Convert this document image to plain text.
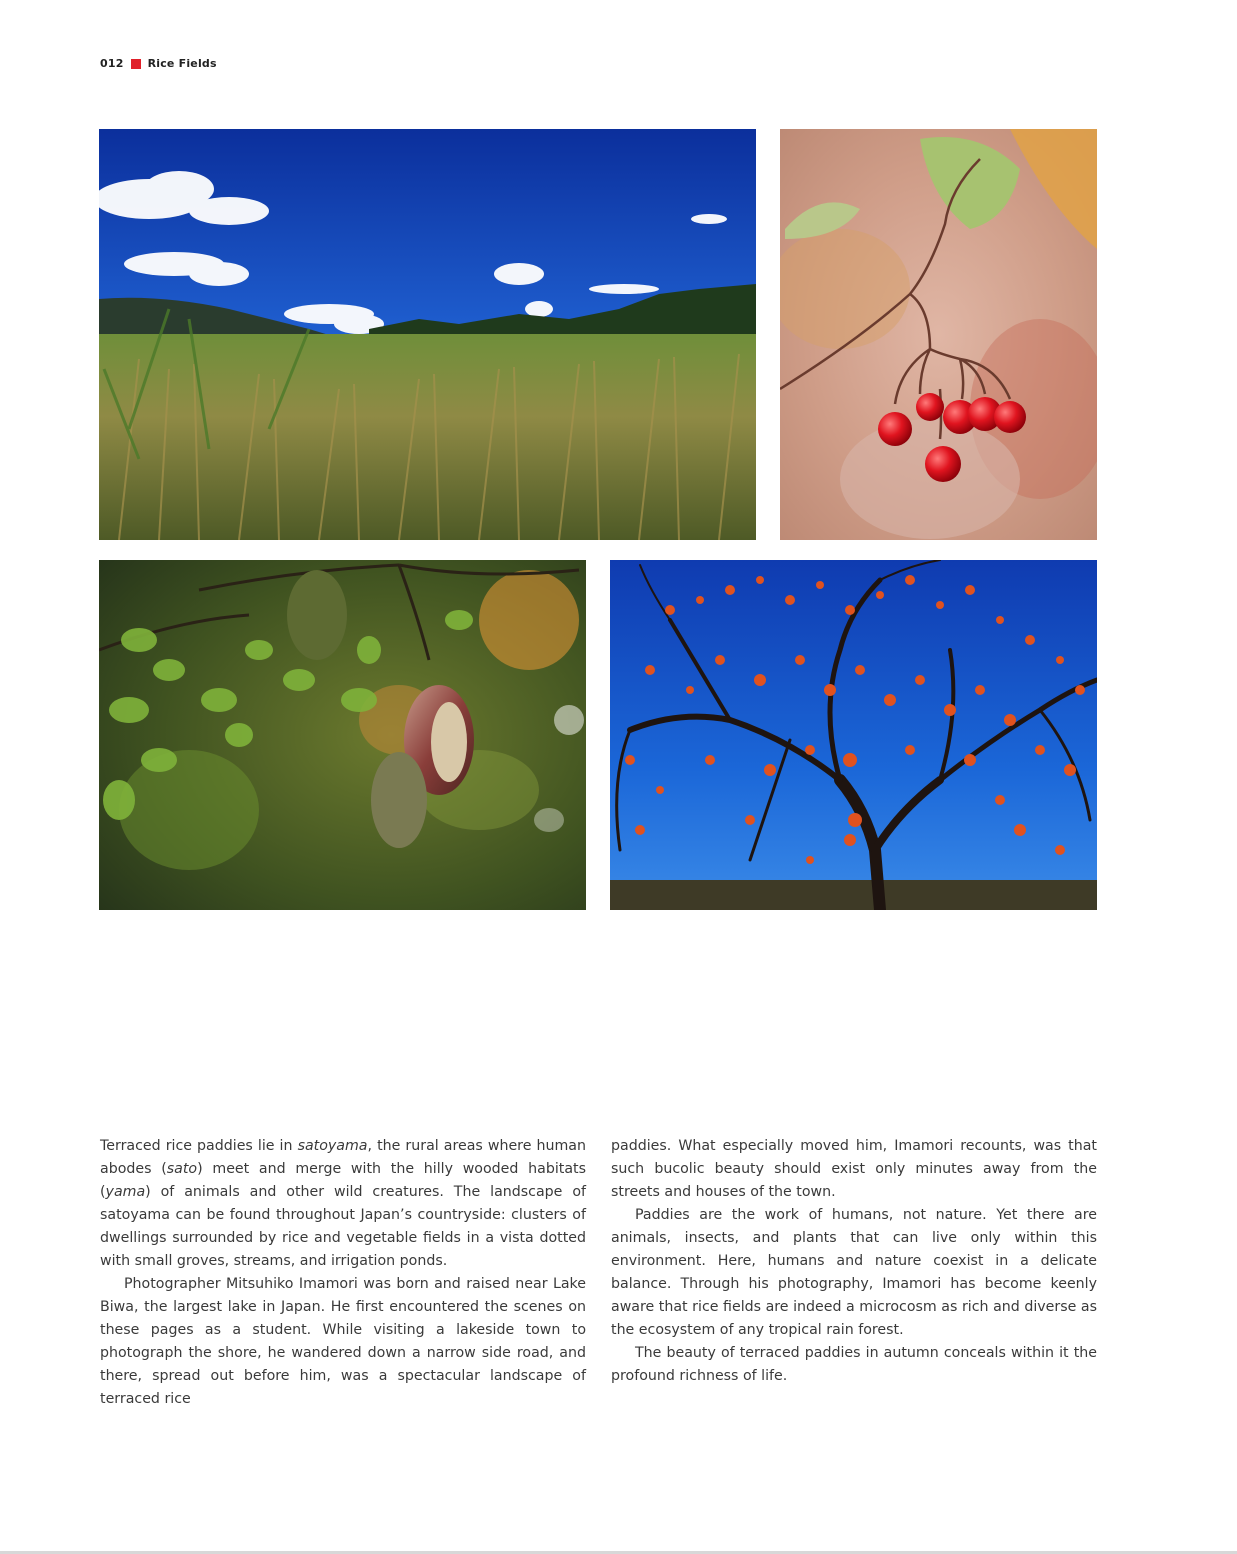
012 Rice Fields

Terraced rice paddies lie in satoyama, the rural areas where human abodes (sato) meet and merge with the hilly wooded habitats (yama) of animals and other wild creatures. The landscape of satoyama can be found throughout Japan’s countryside: clusters of dwellings surrounded by rice and vegetable fields in a vista dotted with small groves, streams, and irrigation ponds.

Photographer Mitsuhiko Imamori was born and raised near Lake Biwa, the largest lake in Japan. He first encountered the scenes on these pages as a student. While visiting a lakeside town to photograph the shore, he wandered down a narrow side road, and there, spread out before him, was a spectacular landscape of terraced rice

paddies. What especially moved him, Imamori recounts, was that such bucolic beauty should exist only minutes away from the streets and houses of the town.

Paddies are the work of humans, not nature. Yet there are animals, insects, and plants that can live only within this environment. Here, humans and nature coexist in a delicate balance. Through his photography, Imamori has become keenly aware that rice fields are indeed a microcosm as rich and diverse as the ecosystem of any tropical rain forest.

The beauty of terraced paddies in autumn conceals within it the profound richness of life.
